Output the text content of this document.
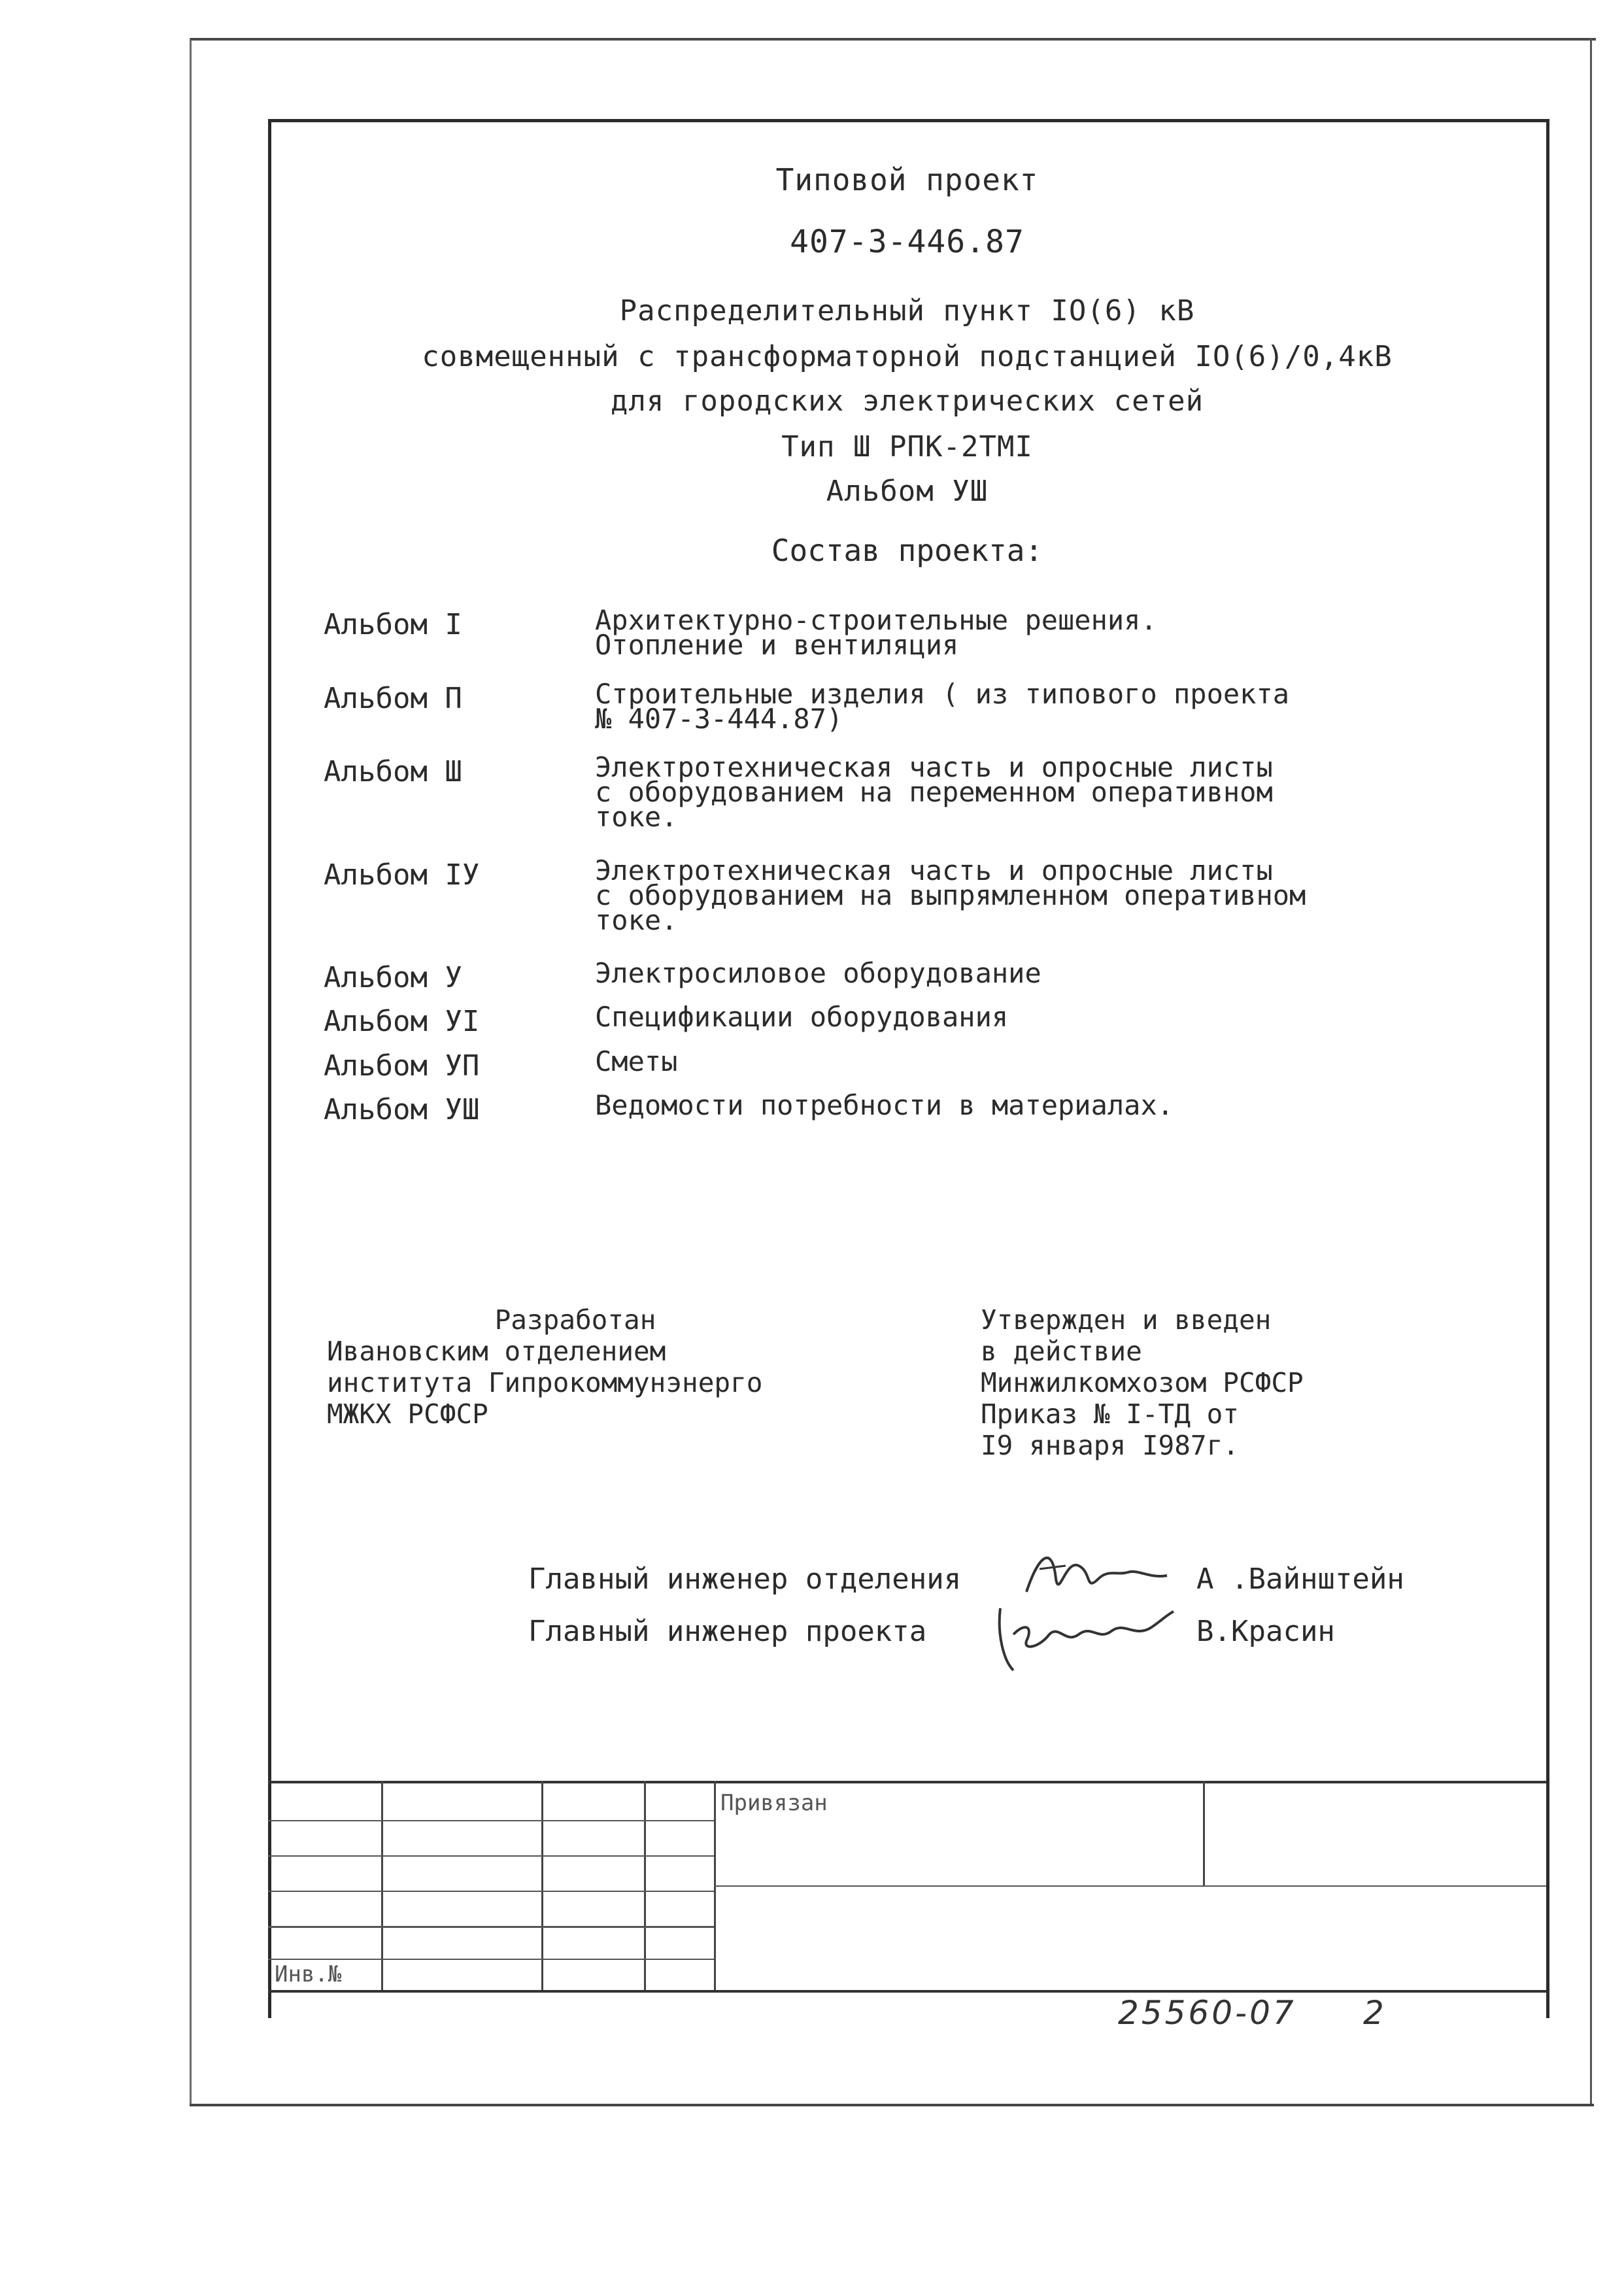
Типовой проект
407-3-446.87
Распределительный пункт IO(6) кВ
совмещенный с трансформаторной подстанцией IO(6)/0,4кВ
для городских электрических сетей
Тип Ш РПК-2ТМI
Альбом УШ
Состав проекта:
Альбом I	Архитектурно-строительные решения.
Отопление и вентиляция
Альбом П	Строительные изделия ( из типового проекта
№ 407-3-444.87)
Альбом Ш	Электротехническая часть и опросные листы
с оборудованием на переменном оперативном
токе.
Альбом IУ	Электротехническая часть и опросные листы
с оборудованием на выпрямленном оперативном
токе.
Альбом У	Электросиловое оборудование
Альбом УI	Спецификации оборудования
Альбом УП	Сметы
Альбом УШ	Ведомости потребности в материалах.
Разработан
Ивановским отделением
института Гипрокоммунэнерго
МЖКХ РСФСР
Утвержден и введен
в действие
Минжилкомхозом РСФСР
Приказ № I-ТД от
I9 января I987г.
Главный инженер отделения	А .Вайнштейн
Главный инженер проекта	В.Красин
Привязан
Инв.№
25560-07 2
